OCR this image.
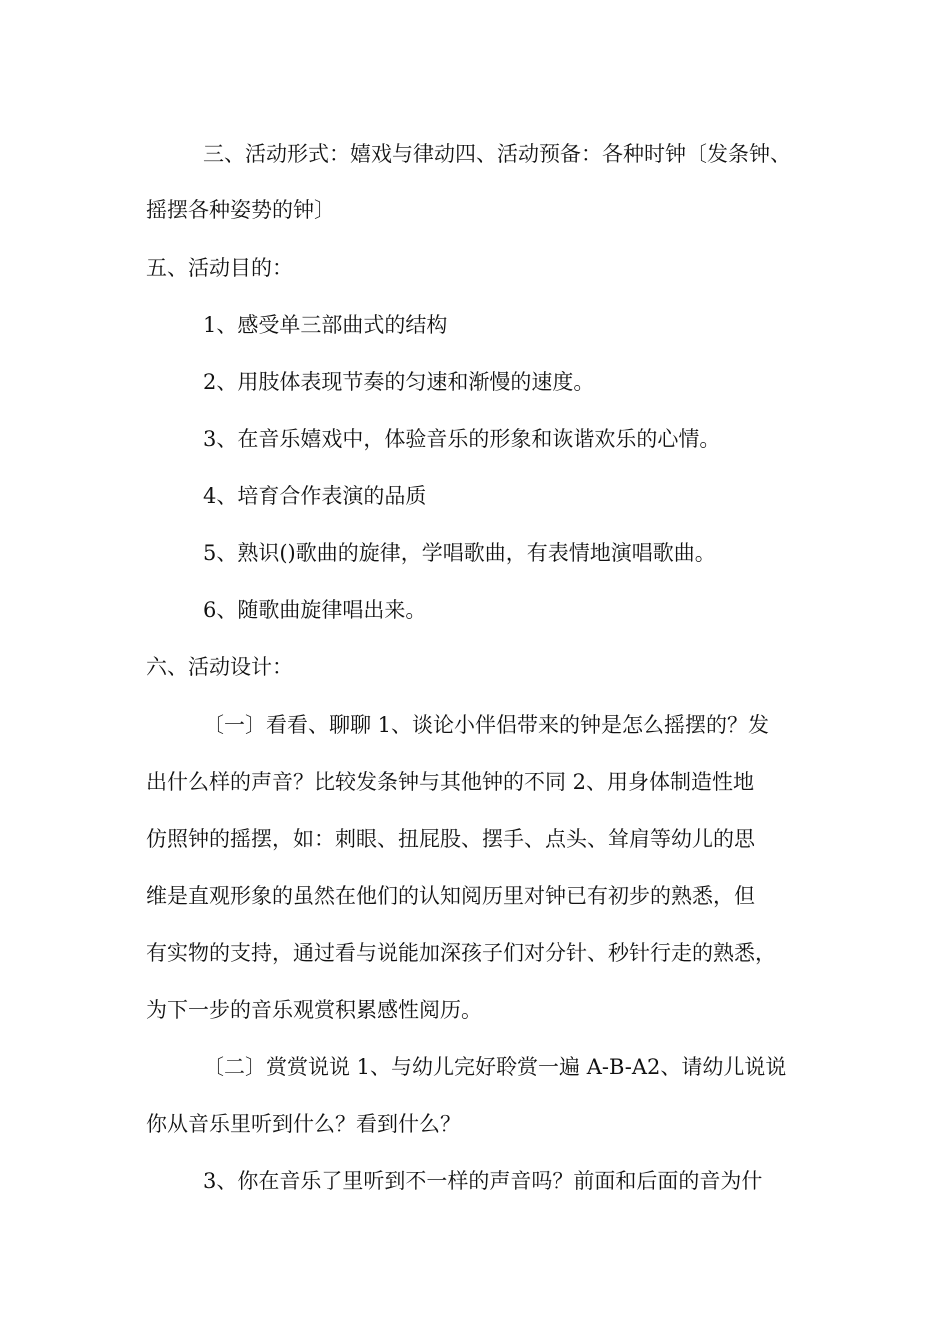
三、活动形式：嬉戏与律动四、活动预备：各种时钟〔发条钟、
摇摆各种姿势的钟〕
五、活动目的：
1、感受单三部曲式的结构
2、用肢体表现节奏的匀速和渐慢的速度。
3、在音乐嬉戏中，体验音乐的形象和诙谐欢乐的心情。
4、培育合作表演的品质
5、熟识()歌曲的旋律，学唱歌曲，有表情地演唱歌曲。
6、随歌曲旋律唱出来。
六、活动设计：
〔一〕看看、聊聊 1、谈论小伴侣带来的钟是怎么摇摆的？发
出什么样的声音？比较发条钟与其他钟的不同 2、用身体制造性地
仿照钟的摇摆，如：刺眼、扭屁股、摆手、点头、耸肩等幼儿的思
维是直观形象的虽然在他们的认知阅历里对钟已有初步的熟悉，但
有实物的支持，通过看与说能加深孩子们对分针、秒针行走的熟悉，
为下一步的音乐观赏积累感性阅历。
〔二〕赏赏说说 1、与幼儿完好聆赏一遍 A-B-A2、请幼儿说说
你从音乐里听到什么？看到什么？
3、你在音乐了里听到不一样的声音吗？前面和后面的音为什
